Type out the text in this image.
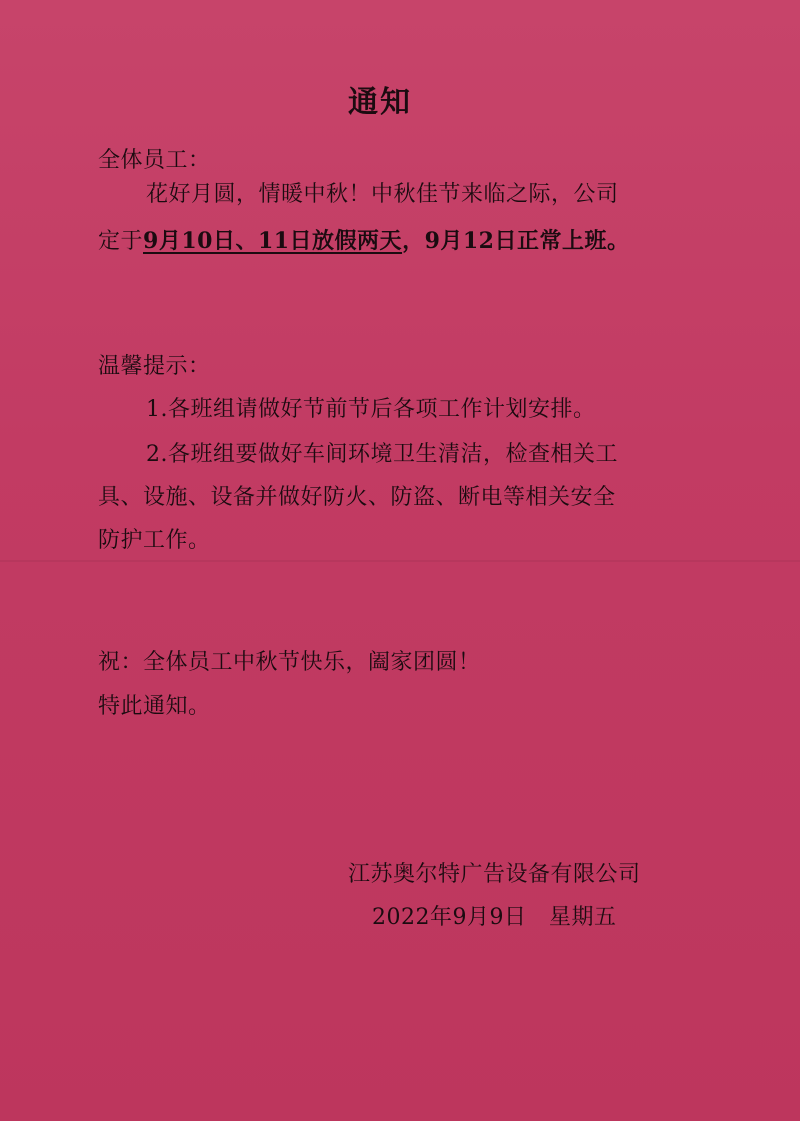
通知
全体员工：
花好月圆，情暖中秋！中秋佳节来临之际，公司
定于9月10日、11日放假两天，9月12日正常上班。
温馨提示：
1.各班组请做好节前节后各项工作计划安排。
2.各班组要做好车间环境卫生清洁，检查相关工
具、设施、设备并做好防火、防盗、断电等相关安全
防护工作。
祝：全体员工中秋节快乐，阖家团圆！
特此通知。
江苏奥尔特广告设备有限公司
2022年9月9日   星期五
